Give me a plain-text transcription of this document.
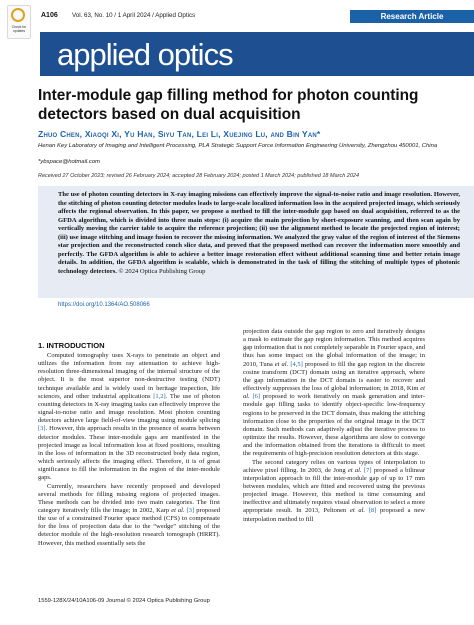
Check for updates
A106 Vol. 63, No. 10 / 1 April 2024 / Applied Optics	Research Article
applied optics
Inter-module gap filling method for photon counting detectors based on dual acquisition
Zhuo Chen, Xiaoqi Xi, Yu Han, Siyu Tan, Lei Li, Xuejing Lu, and Bin Yan*
Henan Key Laboratory of Imaging and Intelligent Processing, PLA Strategic Support Force Information Engineering University, Zhengzhou 450001, China
*ybspace@hotmail.com
Received 27 October 2023; revised 26 February 2024; accepted 28 February 2024; posted 1 March 2024; published 18 March 2024
The use of photon counting detectors in X-ray imaging missions can effectively improve the signal-to-noise ratio and image resolution. However, the stitching of photon counting detector modules leads to large-scale localized information loss in the acquired projected image, which seriously affects the regional observation. In this paper, we propose a method to fill the inter-module gap based on dual acquisition, referred to as the GFDA algorithm, which is divided into three main steps: (i) acquire the main projection by short-exposure scanning, and then scan again by vertically moving the carrier table to acquire the reference projection; (ii) use the alignment method to locate the projected region of interest; (iii) use image stitching and image fusion to recover the missing information. We analyzed the gray value of the region of interest of the Siemens star projection and the reconstructed conch slice data, and proved that the proposed method can recover the information more smoothly and perfectly. The GFDA algorithm is able to achieve a better image restoration effect without additional scanning time and better retain image details. In addition, the GFDA algorithm is scalable, which is demonstrated in the task of filling the stitching of multiple types of photonic technology detectors. © 2024 Optica Publishing Group
https://doi.org/10.1364/AO.508066
1. INTRODUCTION

Computed tomography uses X-rays to penetrate an object and utilizes the information from ray attenuation to achieve high-resolution three-dimensional imaging of the internal structure of the object. It is the most superior non-destructive testing (NDT) technique available and is widely used in heritage inspection, life sciences, and other industrial applications [1,2]. The use of photon counting detectors in X-ray imaging tasks can effectively improve the signal-to-noise ratio and image resolution. Most photon counting detectors achieve large field-of-view imaging using module splicing [3]. However, this approach results in the presence of seams between detector modules. These inter-module gaps are manifested in the projected image as local information loss at fixed positions, resulting in the loss of information in the 3D reconstructed body data region, which seriously affects the imaging effect. Therefore, it is of great significance to fill the information in the region of the inter-module gaps.

Currently, researchers have recently proposed and developed several methods for filling missing regions of projected images. These methods can be divided into two main categories. The first category iteratively fills the image; in 2002, Karp et al. [3] proposed the use of a constrained Fourier space method (CFS) to compensate for the loss of projection data due to the “wedge” stitching of the detector module of the high-resolution research tomograph (HRRT). However, this method essentially sets the

projection data outside the gap region to zero and iteratively designs a mask to estimate the gap region information. This method acquires gap information that is not completely separable in Fourier space, and thus has some impact on the global information of the image; in 2010, Tuna et al. [4,5] proposed to fill the gap region in the discrete cosine transform (DCT) domain using an iterative approach, where the gap information in the DCT domain is easier to recover and effectively suppresses the loss of global information; in 2018, Kim et al. [6] proposed to work iteratively on mask generation and inter-module gap filling tasks to identify object-specific low-frequency regions to be preserved in the DCT domain, thus making the stitching information close to the properties of the original image in the DCT domain. Such methods can adaptively adjust the iterative process to optimize the results. However, these algorithms are slow to converge and the information obtained from the iterations is difficult to meet the requirements of high-precision resolution detectors at this stage.

The second category relies on various types of interpolation to achieve pixel filling. In 2003, de Jong et al. [7] proposed a bilinear interpolation approach to fill the inter-module gap of up to 17 mm between modules, which are fitted and recovered using the previous projected image. However, this method is time consuming and ineffective and ultimately requires visual observation to select a more appropriate result. In 2013, Peltonen et al. [8] proposed a new interpolation method to fill

1559-128X/24/10A106-09 Journal © 2024 Optica Publishing Group
